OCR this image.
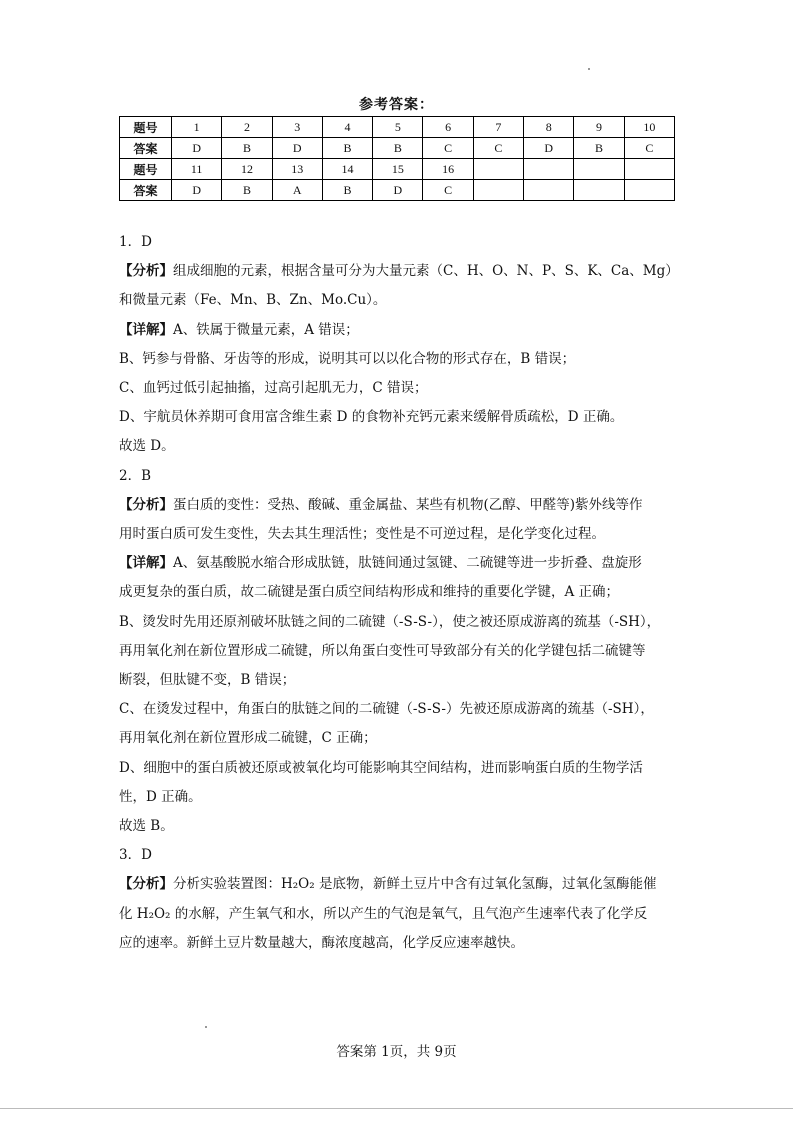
参考答案：
题号	1	2	3	4	5	6	7	8	9	10
答案	D	B	D	B	B	C	C	D	B	C
题号	11	12	13	14	15	16				
答案	D	B	A	B	D	C				

1．D

【分析】组成细胞的元素，根据含量可分为大量元素（C、H、O、N、P、S、K、Ca、Mg）

和微量元素（Fe、Mn、B、Zn、Mo.Cu）。

【详解】A、铁属于微量元素，A 错误；

B、钙参与骨骼、牙齿等的形成，说明其可以以化合物的形式存在，B 错误；

C、血钙过低引起抽搐，过高引起肌无力，C 错误；

D、宇航员休养期可食用富含维生素 D 的食物补充钙元素来缓解骨质疏松，D 正确。

故选 D。

2．B

【分析】蛋白质的变性：受热、酸碱、重金属盐、某些有机物(乙醇、甲醛等)紫外线等作

用时蛋白质可发生变性，失去其生理活性；变性是不可逆过程，是化学变化过程。

【详解】A、氨基酸脱水缩合形成肽链，肽链间通过氢键、二硫键等进一步折叠、盘旋形

成更复杂的蛋白质，故二硫键是蛋白质空间结构形成和维持的重要化学键，A 正确；

B、烫发时先用还原剂破坏肽链之间的二硫键（-S-S-），使之被还原成游离的巯基（-SH），

再用氧化剂在新位置形成二硫键，所以角蛋白变性可导致部分有关的化学键包括二硫键等

断裂，但肽键不变，B 错误；

C、在烫发过程中，角蛋白的肽链之间的二硫键（-S-S-）先被还原成游离的巯基（-SH），

再用氧化剂在新位置形成二硫键，C 正确；

D、细胞中的蛋白质被还原或被氧化均可能影响其空间结构，进而影响蛋白质的生物学活

性，D 正确。

故选 B。

3．D

【分析】分析实验装置图：H₂O₂ 是底物，新鲜土豆片中含有过氧化氢酶，过氧化氢酶能催

化 H₂O₂ 的水解，产生氧气和水，所以产生的气泡是氧气，且气泡产生速率代表了化学反

应的速率。新鲜土豆片数量越大，酶浓度越高，化学反应速率越快。

答案第 1页，共 9页
